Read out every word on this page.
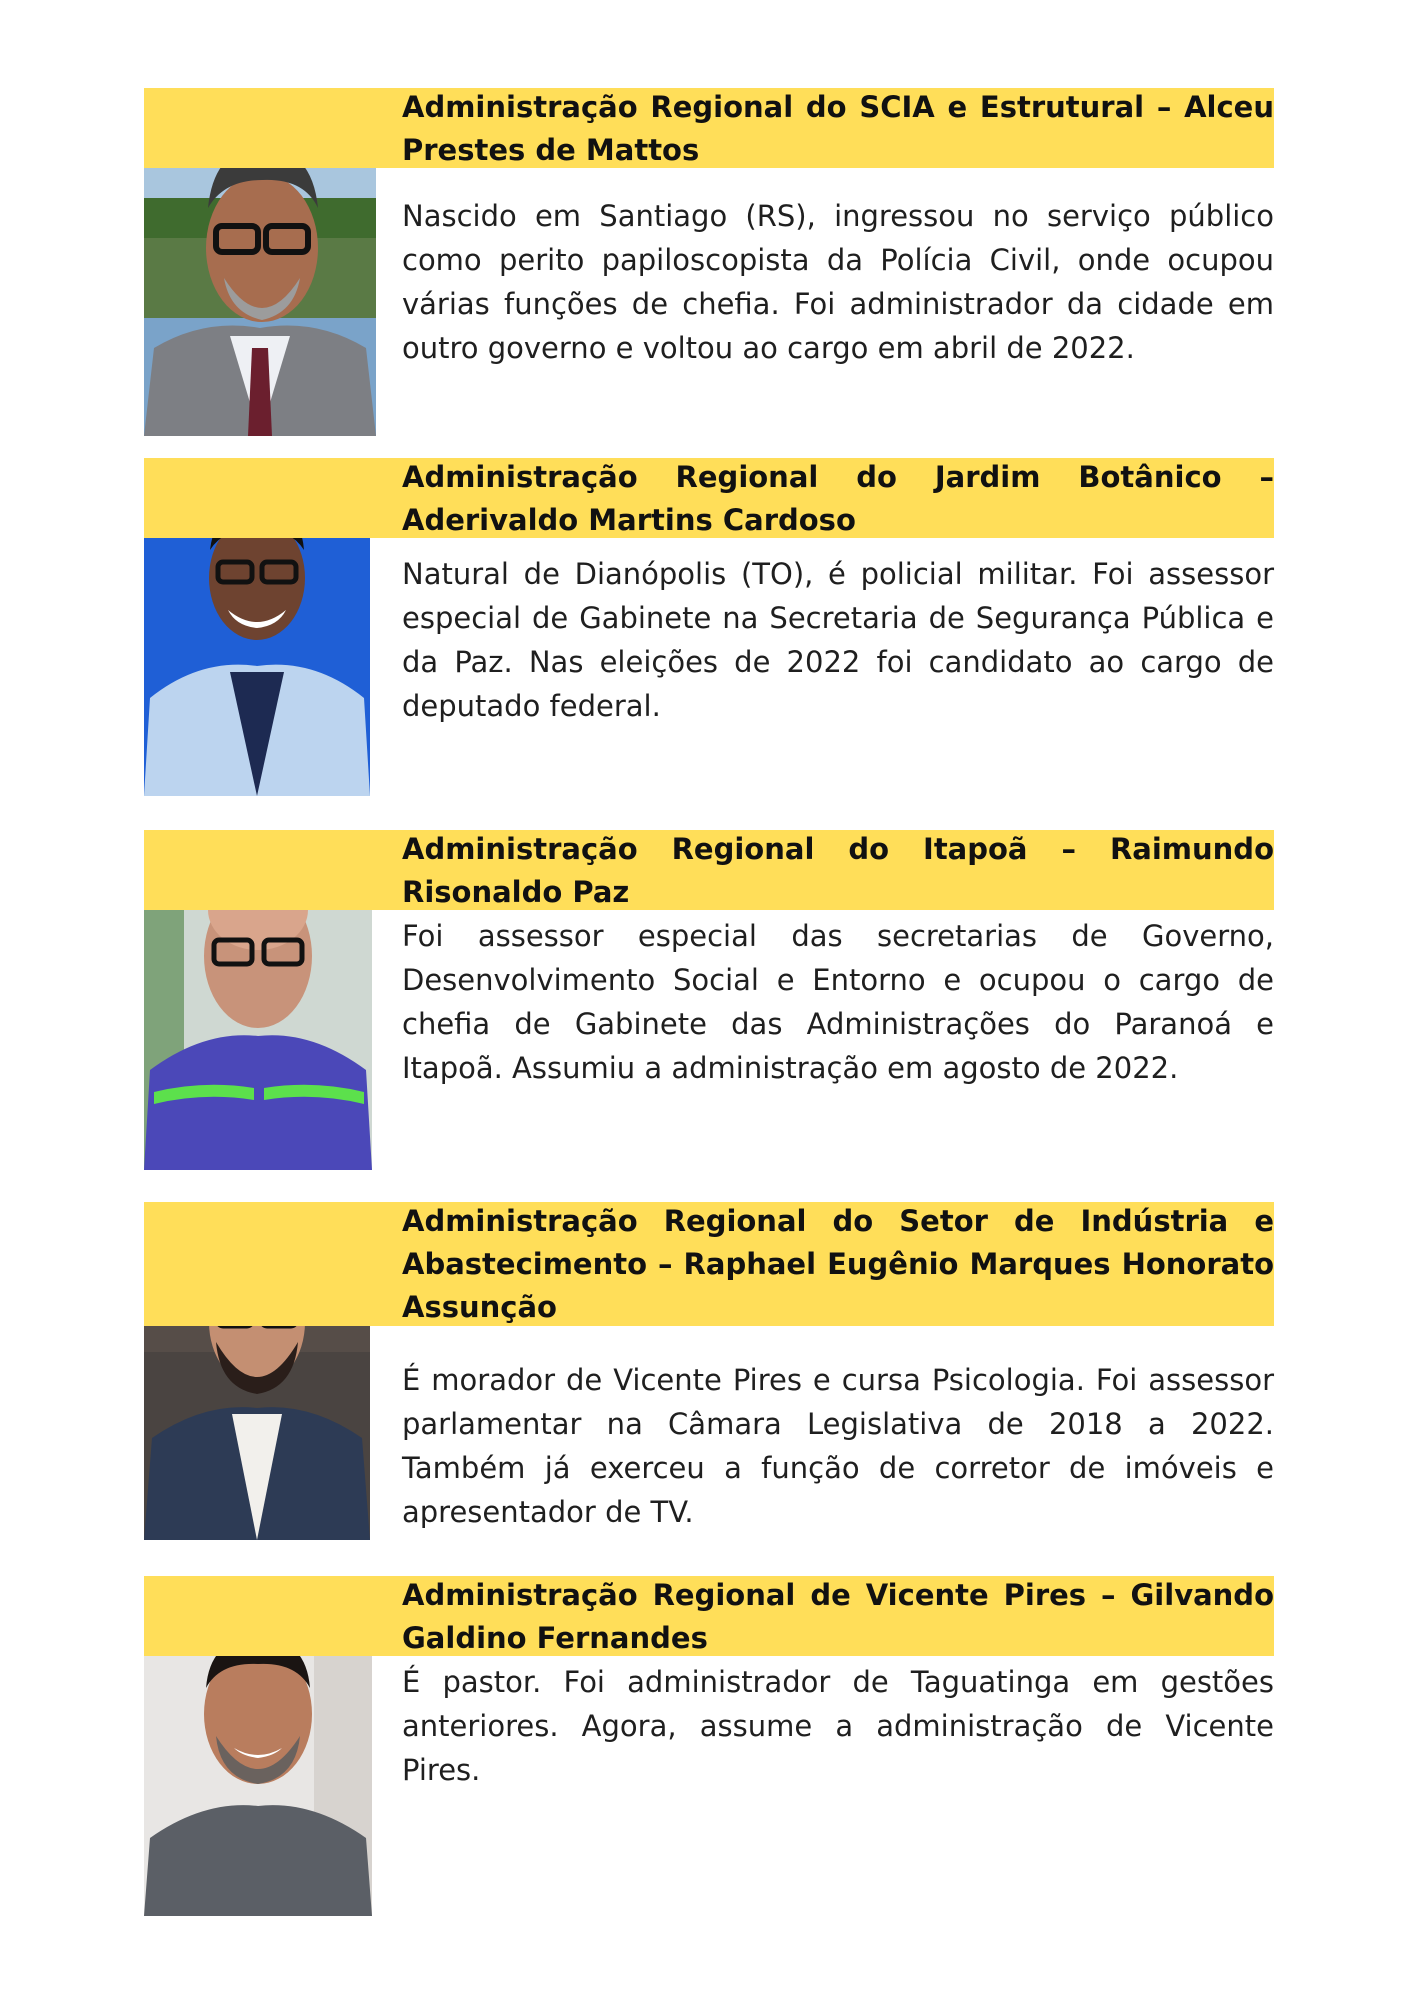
Administração Regional do SCIA e Estrutural – Alceu Prestes de Mattos

Nascido em Santiago (RS), ingressou no serviço público como perito papiloscopista da Polícia Civil, onde ocupou várias funções de chefia. Foi administrador da cidade em outro governo e voltou ao cargo em abril de 2022.

Administração Regional do Jardim Botânico – Aderivaldo Martins Cardoso

Natural de Dianópolis (TO), é policial militar. Foi assessor especial de Gabinete na Secretaria de Segurança Pública e da Paz. Nas eleições de 2022 foi candidato ao cargo de deputado federal.

Administração Regional do Itapoã – Raimundo Risonaldo Paz

Foi assessor especial das secretarias de Governo, Desenvolvimento Social e Entorno e ocupou o cargo de chefia de Gabinete das Administrações do Paranoá e Itapoã. Assumiu a administração em agosto de 2022.

Administração Regional do Setor de Indústria e Abastecimento – Raphael Eugênio Marques Honorato Assunção

É morador de Vicente Pires e cursa Psicologia. Foi assessor parlamentar na Câmara Legislativa de 2018 a 2022. Também já exerceu a função de corretor de imóveis e apresentador de TV.

Administração Regional de Vicente Pires – Gilvando Galdino Fernandes

É pastor. Foi administrador de Taguatinga em gestões anteriores. Agora, assume a administração de Vicente Pires.
